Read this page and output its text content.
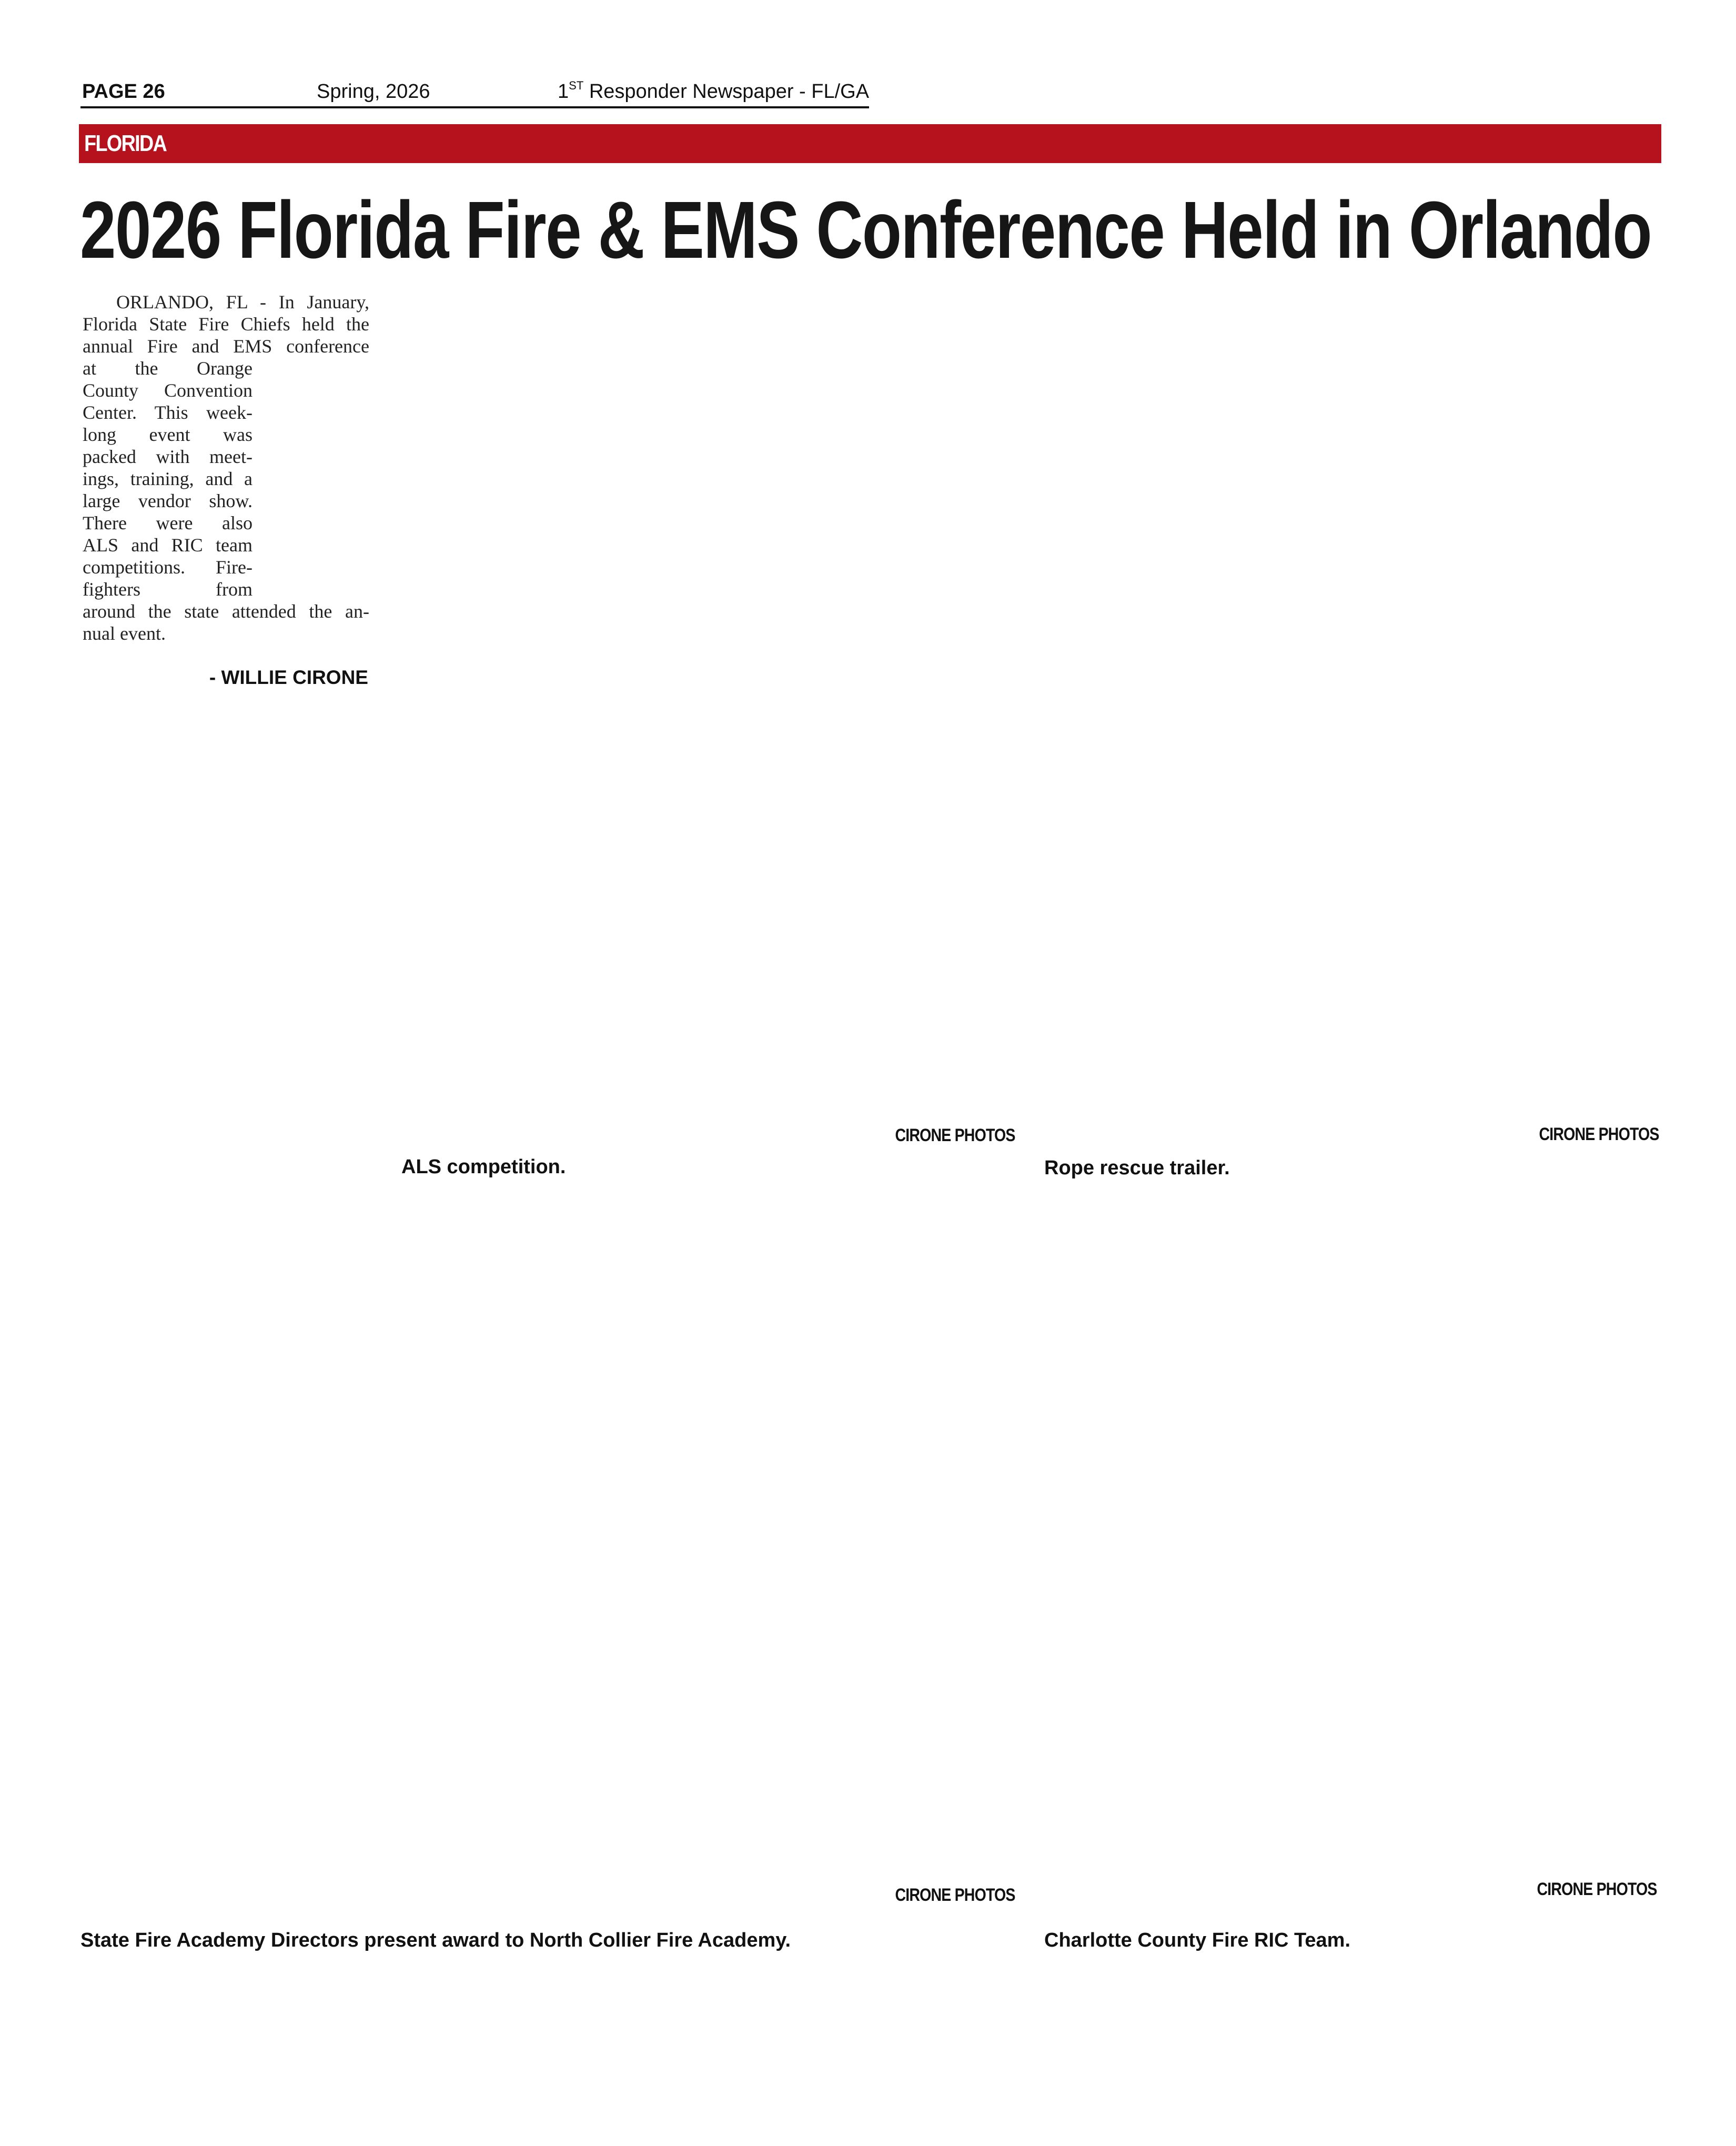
PAGE 26	Spring, 2026	1ST Responder Newspaper - FL/GA
FLORIDA
2026 Florida Fire & EMS Conference Held in Orlando
ORLANDO, FL - In January,
Florida State Fire Chiefs held the
annual Fire and EMS conference
at the Orange
County Convention
Center. This week-
long event was
packed with meet-
ings, training, and a
large vendor show.
There were also
ALS and RIC team
competitions. Fire-
fighters from
around the state attended the an-
nual event.
- WILLIE CIRONE
CIRONE PHOTOS
ALS competition.
CIRONE PHOTOS
Rope rescue trailer.
CIRONE PHOTOS
State Fire Academy Directors present award to North Collier Fire Academy.
CIRONE PHOTOS
Charlotte County Fire RIC Team.
